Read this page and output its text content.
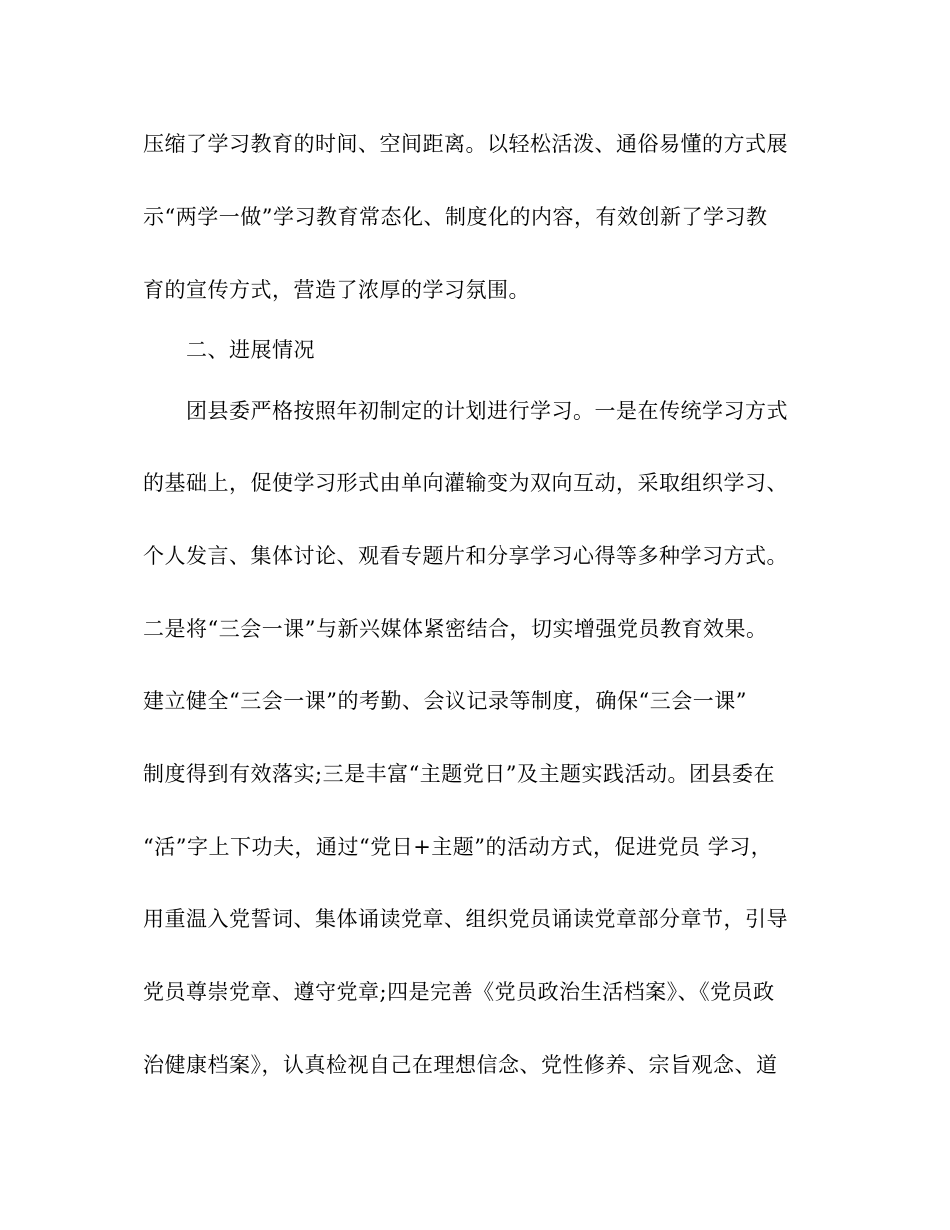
压缩了学习教育的时间、空间距离。以轻松活泼、通俗易懂的方式展
示“两学一做”学习教育常态化、制度化的内容，有效创新了学习教
育的宣传方式，营造了浓厚的学习氛围。
二、进展情况
团县委严格按照年初制定的计划进行学习。一是在传统学习方式
的基础上，促使学习形式由单向灌输变为双向互动，采取组织学习、
个人发言、集体讨论、观看专题片和分享学习心得等多种学习方式。
二是将“三会一课”与新兴媒体紧密结合，切实增强党员教育效果。
建立健全“三会一课”的考勤、会议记录等制度，确保“三会一课”
制度得到有效落实;三是丰富“主题党日”及主题实践活动。团县委在
“活”字上下功夫，通过“党日+主题”的活动方式，促进党员 学习，
用重温入党誓词、集体诵读党章、组织党员诵读党章部分章节，引导
党员尊崇党章、遵守党章;四是完善《党员政治生活档案》、《党员政
治健康档案》，认真检视自己在理想信念、党性修养、宗旨观念、道
